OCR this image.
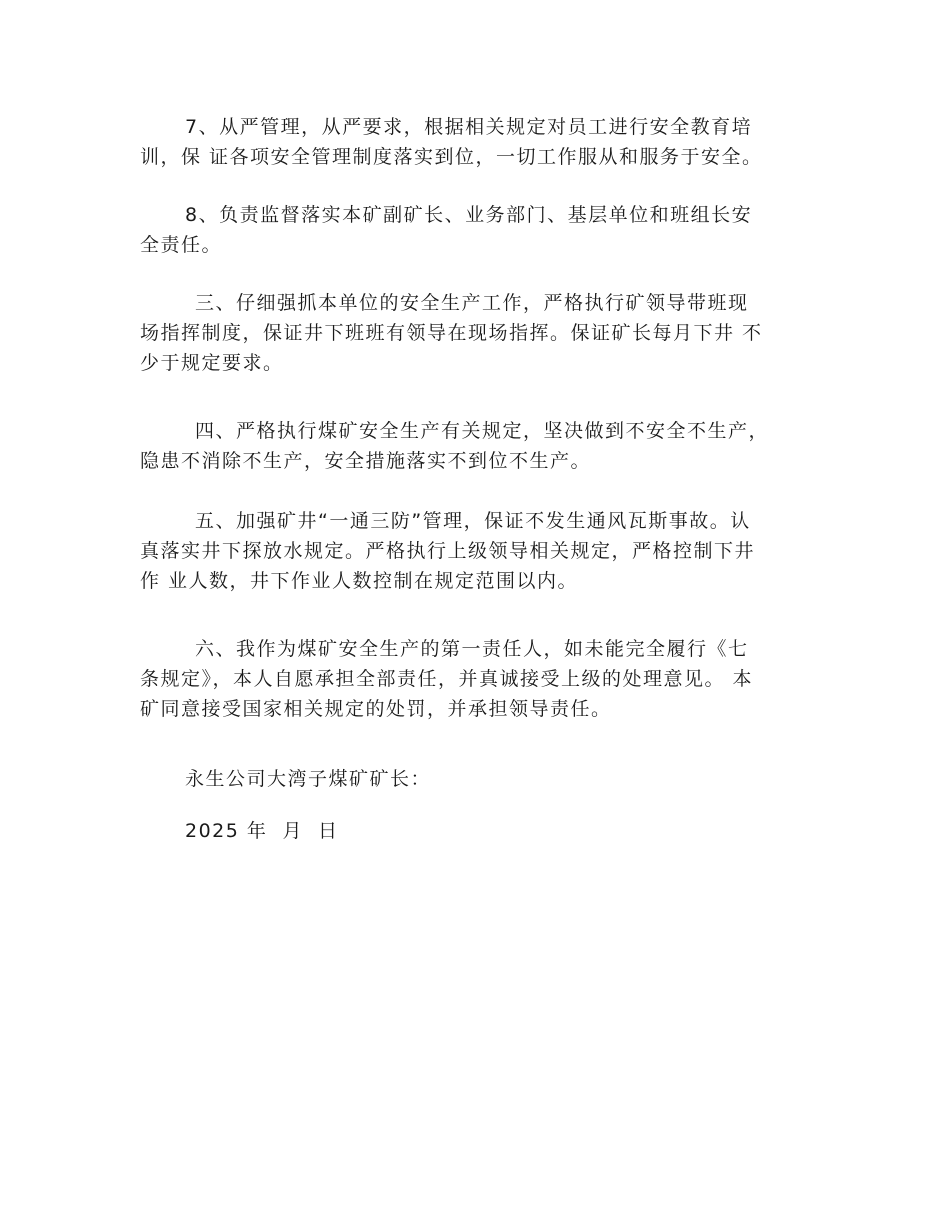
7、从严管理，从严要求，根据相关规定对员工进行安全教育培
训，保 证各项安全管理制度落实到位，一切工作服从和服务于安全。
8、负责监督落实本矿副矿长、业务部门、基层单位和班组长安
全责任。
三、仔细强抓本单位的安全生产工作，严格执行矿领导带班现
场指挥制度，保证井下班班有领导在现场指挥。保证矿长每月下井 不
少于规定要求。
四、严格执行煤矿安全生产有关规定，坚决做到不安全不生产，
隐患不消除不生产，安全措施落实不到位不生产。
五、加强矿井“一通三防”管理，保证不发生通风瓦斯事故。认
真落实井下探放水规定。严格执行上级领导相关规定，严格控制下井
作 业人数，井下作业人数控制在规定范围以内。
六、我作为煤矿安全生产的第一责任人，如未能完全履行《七
条规定》，本人自愿承担全部责任，并真诚接受上级的处理意见。 本
矿同意接受国家相关规定的处罚，并承担领导责任。
永生公司大湾子煤矿矿长：
2025 年  月  日
